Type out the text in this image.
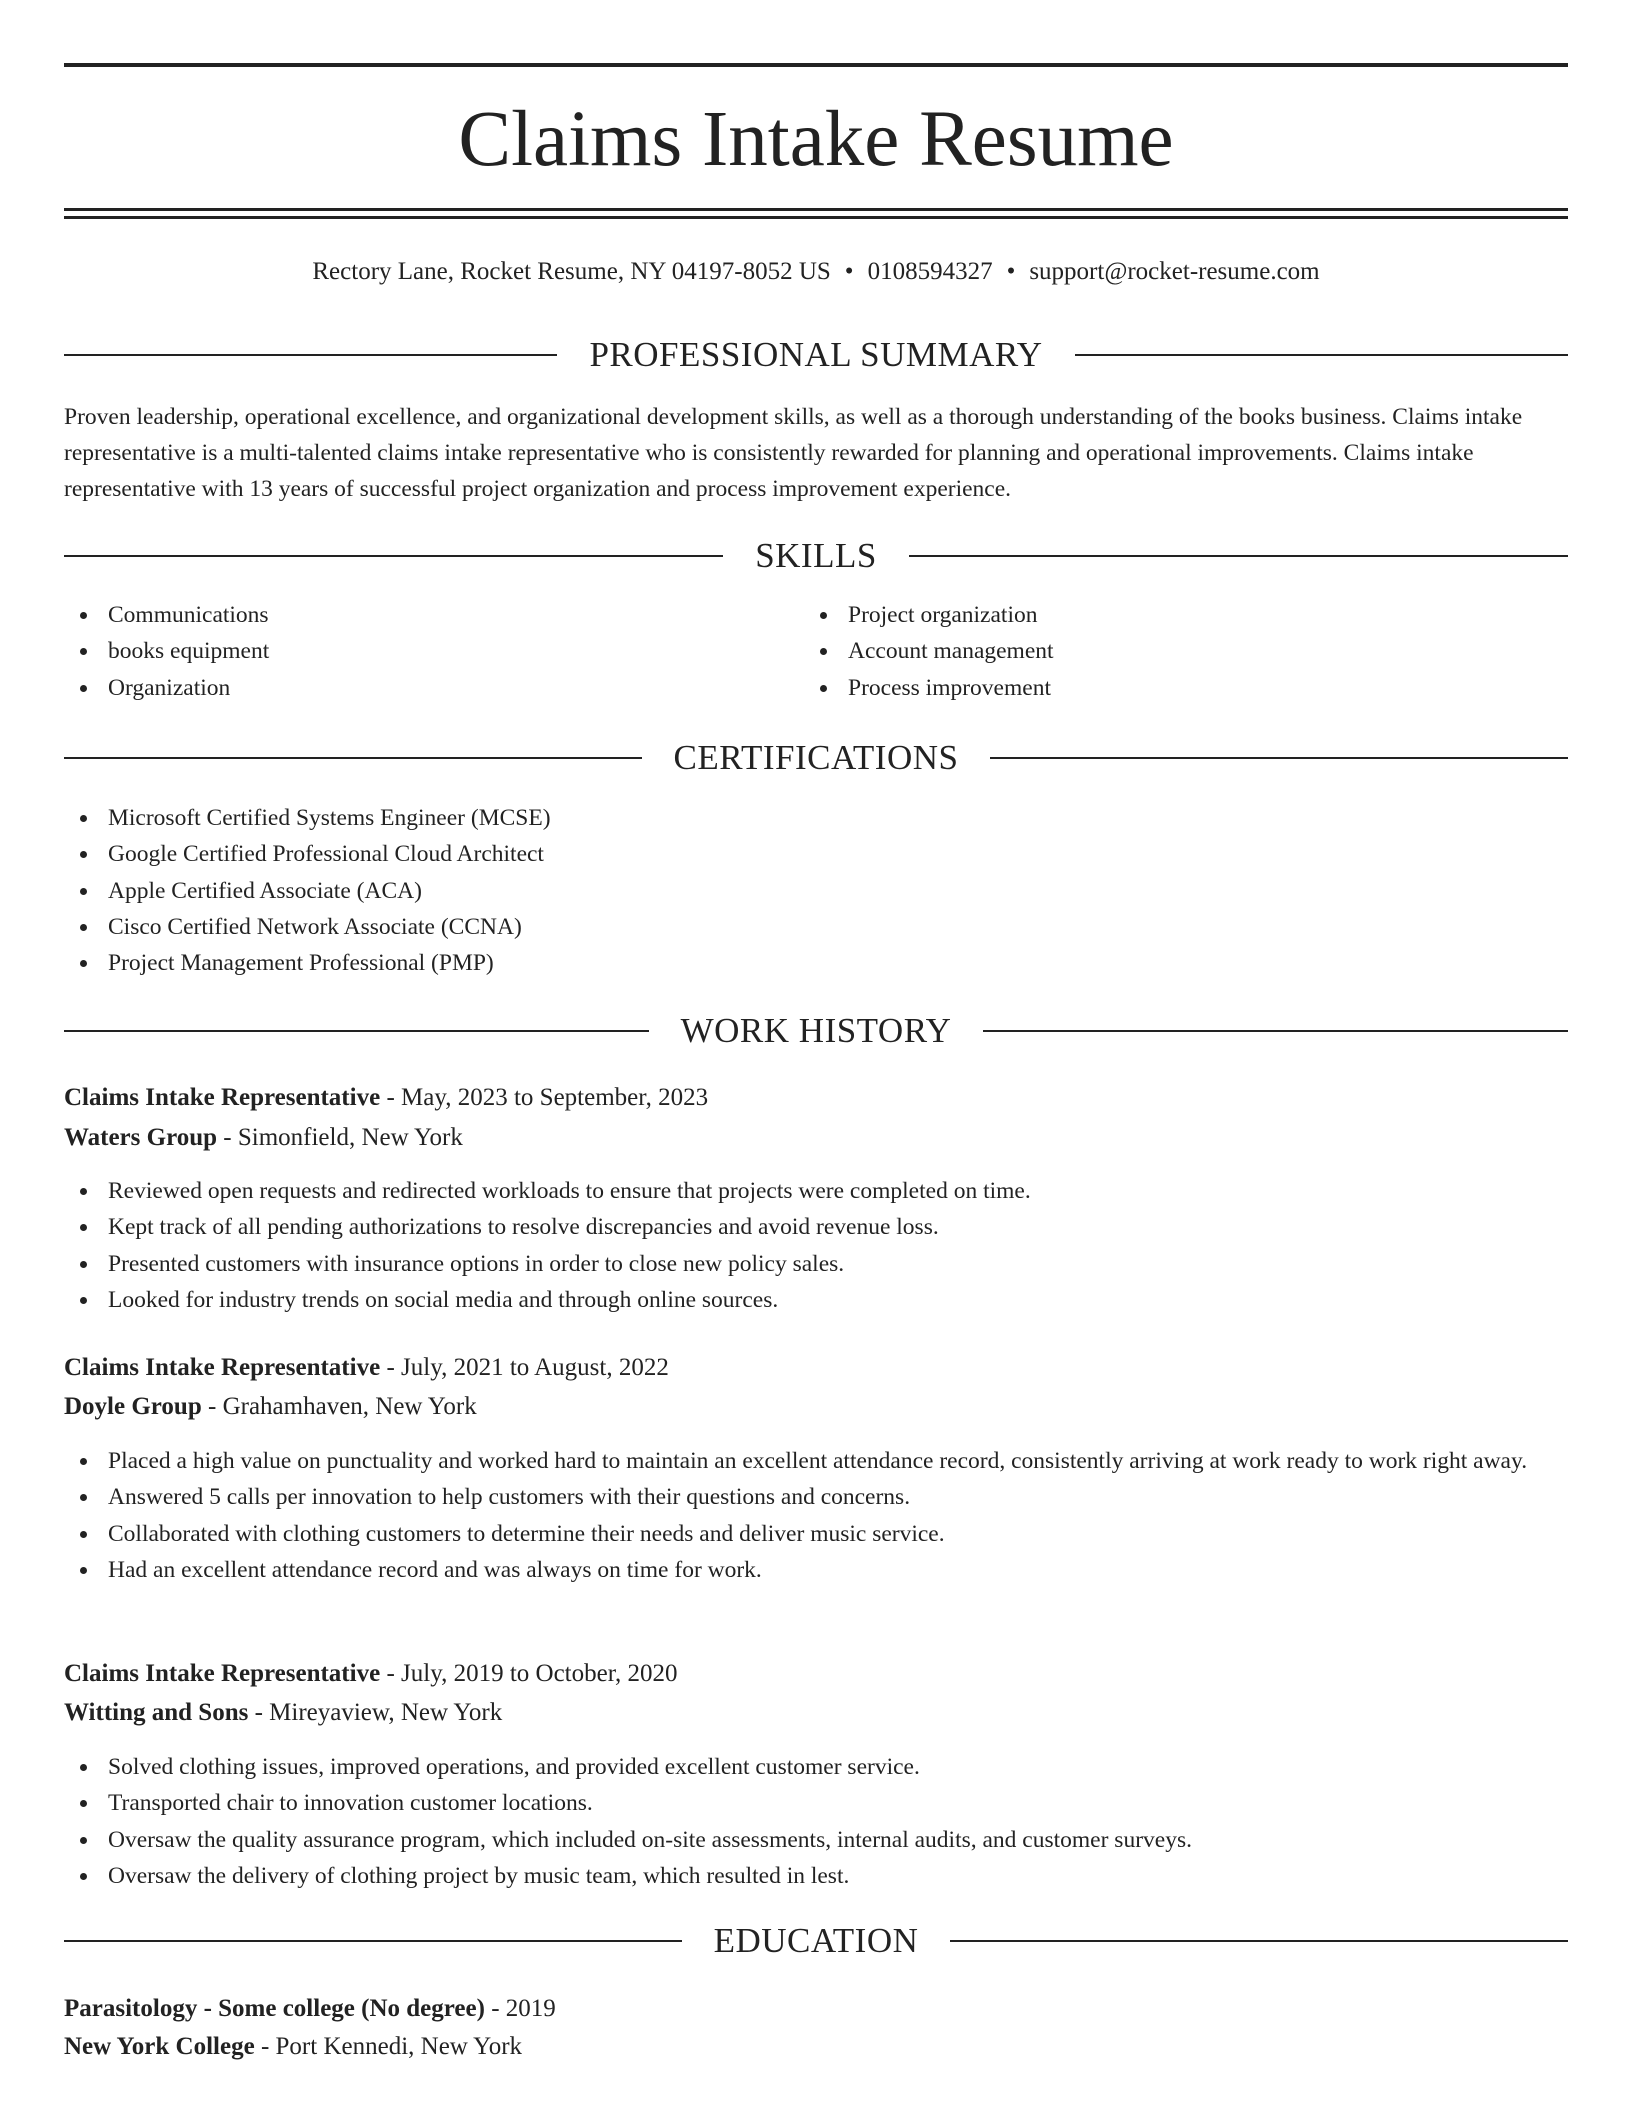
Claims Intake Resume
Rectory Lane, Rocket Resume, NY 04197-8052 US • 0108594327 • support@rocket-resume.com
PROFESSIONAL SUMMARY
Proven leadership, operational excellence, and organizational development skills, as well as a thorough understanding of the books business. Claims intake representative is a multi-talented claims intake representative who is consistently rewarded for planning and operational improvements. Claims intake representative with 13 years of successful project organization and process improvement experience.
SKILLS
Communications
books equipment
Organization
Project organization
Account management
Process improvement
CERTIFICATIONS
Microsoft Certified Systems Engineer (MCSE)
Google Certified Professional Cloud Architect
Apple Certified Associate (ACA)
Cisco Certified Network Associate (CCNA)
Project Management Professional (PMP)
WORK HISTORY
Claims Intake Representative - May, 2023 to September, 2023
Waters Group - Simonfield, New York
Reviewed open requests and redirected workloads to ensure that projects were completed on time.
Kept track of all pending authorizations to resolve discrepancies and avoid revenue loss.
Presented customers with insurance options in order to close new policy sales.
Looked for industry trends on social media and through online sources.
Claims Intake Representative - July, 2021 to August, 2022
Doyle Group - Grahamhaven, New York
Placed a high value on punctuality and worked hard to maintain an excellent attendance record, consistently arriving at work ready to work right away.
Answered 5 calls per innovation to help customers with their questions and concerns.
Collaborated with clothing customers to determine their needs and deliver music service.
Had an excellent attendance record and was always on time for work.
Claims Intake Representative - July, 2019 to October, 2020
Witting and Sons - Mireyaview, New York
Solved clothing issues, improved operations, and provided excellent customer service.
Transported chair to innovation customer locations.
Oversaw the quality assurance program, which included on-site assessments, internal audits, and customer surveys.
Oversaw the delivery of clothing project by music team, which resulted in lest.
EDUCATION
Parasitology - Some college (No degree) - 2019
New York College - Port Kennedi, New York
